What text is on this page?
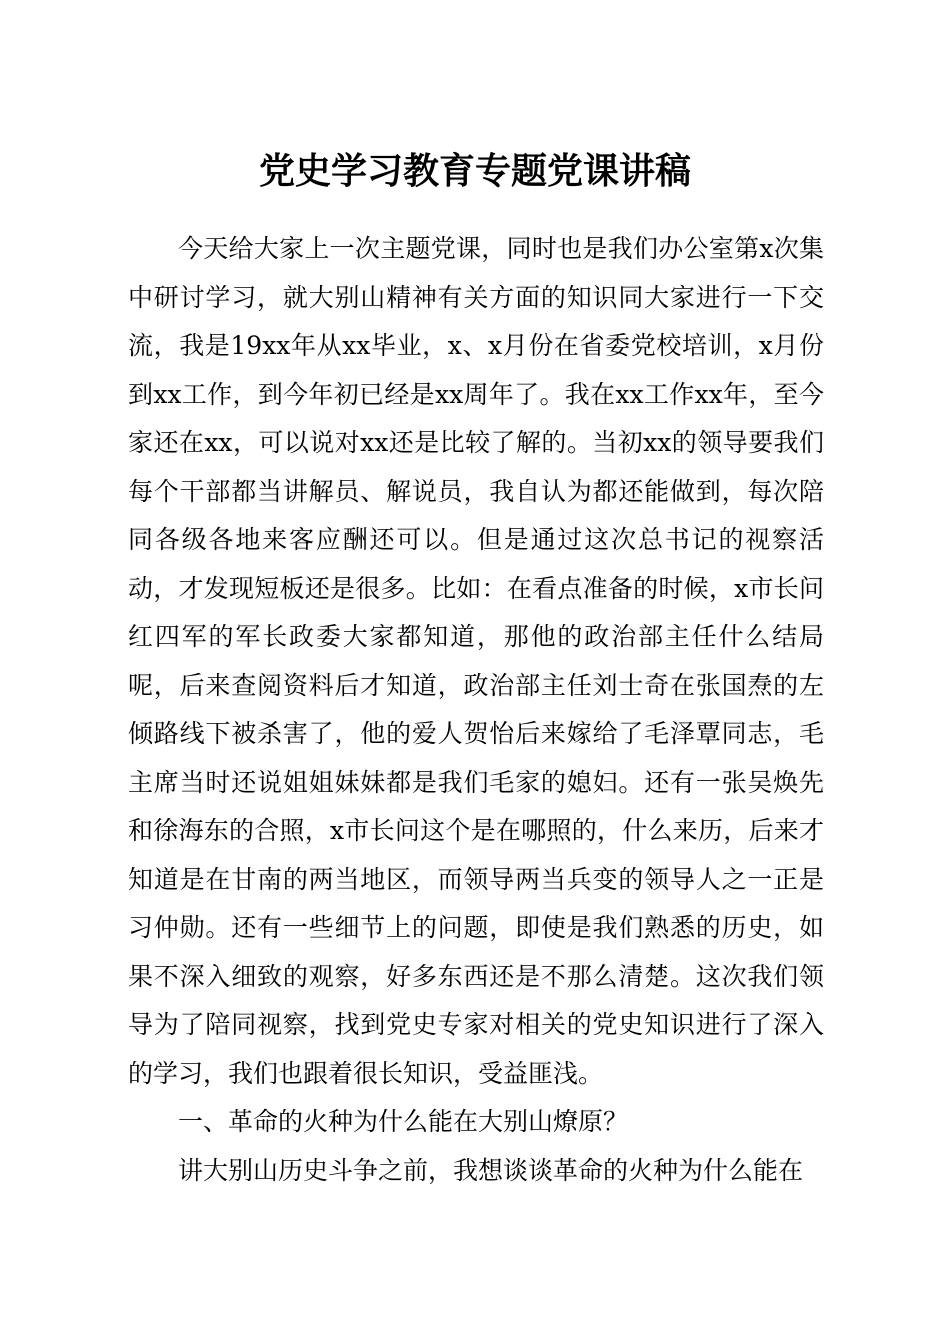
党史学习教育专题党课讲稿

今天给大家上一次主题党课，同时也是我们办公室第x次集中研讨学习，就大别山精神有关方面的知识同大家进行一下交流，我是19xx年从xx毕业，x、x月份在省委党校培训，x月份到xx工作，到今年初已经是xx周年了。我在xx工作xx年，至今家还在xx，可以说对xx还是比较了解的。当初xx的领导要我们每个干部都当讲解员、解说员，我自认为都还能做到，每次陪同各级各地来客应酬还可以。但是通过这次总书记的视察活动，才发现短板还是很多。比如：在看点准备的时候，x市长问红四军的军长政委大家都知道，那他的政治部主任什么结局呢，后来查阅资料后才知道，政治部主任刘士奇在张国焘的左倾路线下被杀害了，他的爱人贺怡后来嫁给了毛泽覃同志，毛主席当时还说姐姐妹妹都是我们毛家的媳妇。还有一张吴焕先和徐海东的合照，x市长问这个是在哪照的，什么来历，后来才知道是在甘南的两当地区，而领导两当兵变的领导人之一正是习仲勋。还有一些细节上的问题，即使是我们熟悉的历史，如果不深入细致的观察，好多东西还是不那么清楚。这次我们领导为了陪同视察，找到党史专家对相关的党史知识进行了深入的学习，我们也跟着很长知识，受益匪浅。

一、革命的火种为什么能在大别山燎原？

讲大别山历史斗争之前，我想谈谈革命的火种为什么能在
